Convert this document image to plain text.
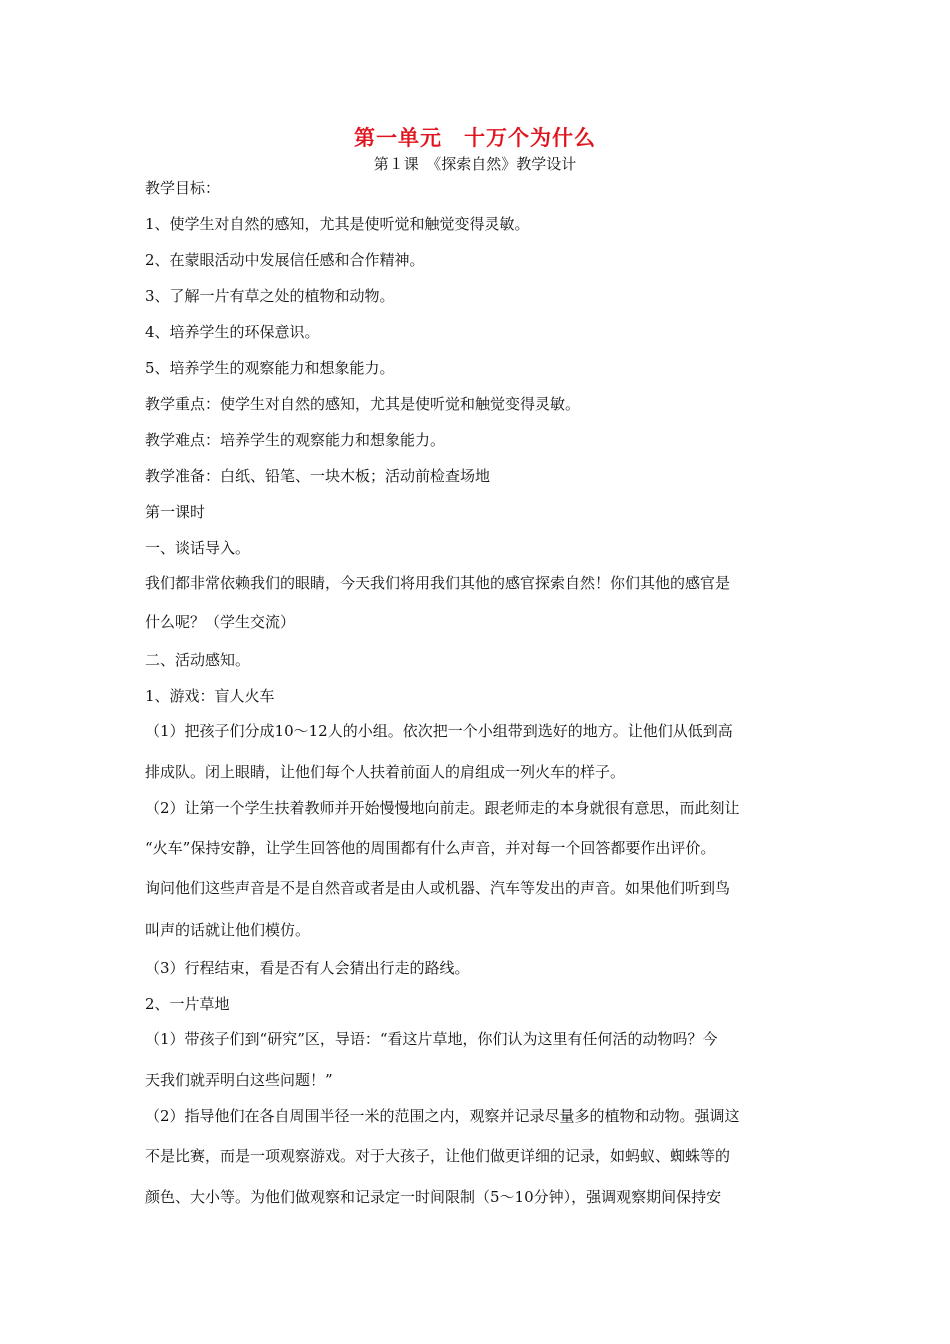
第一单元　十万个为什么
第１课　《探索自然》教学设计
教学目标：
1、使学生对自然的感知，尤其是使听觉和触觉变得灵敏。
2、在蒙眼活动中发展信任感和合作精神。
3、了解一片有草之处的植物和动物。
4、培养学生的环保意识。
5、培养学生的观察能力和想象能力。
教学重点：使学生对自然的感知，尤其是使听觉和触觉变得灵敏。
教学难点：培养学生的观察能力和想象能力。
教学准备：白纸、铅笔、一块木板；活动前检查场地
第一课时
一、谈话导入。
我们都非常依赖我们的眼睛，今天我们将用我们其他的感官探索自然！你们其他的感官是
什么呢？（学生交流）
二、活动感知。
1、游戏：盲人火车
（1）把孩子们分成10～12人的小组。依次把一个小组带到选好的地方。让他们从低到高
排成队。闭上眼睛，让他们每个人扶着前面人的肩组成一列火车的样子。
（2）让第一个学生扶着教师并开始慢慢地向前走。跟老师走的本身就很有意思，而此刻让
“火车”保持安静，让学生回答他的周围都有什么声音，并对每一个回答都要作出评价。
询问他们这些声音是不是自然音或者是由人或机器、汽车等发出的声音。如果他们听到鸟
叫声的话就让他们模仿。
（3）行程结束，看是否有人会猜出行走的路线。
2、一片草地
（1）带孩子们到“研究”区，导语：“看这片草地，你们认为这里有任何活的动物吗？今
天我们就弄明白这些问题！”
（2）指导他们在各自周围半径一米的范围之内，观察并记录尽量多的植物和动物。强调这
不是比赛，而是一项观察游戏。对于大孩子，让他们做更详细的记录，如蚂蚁、蜘蛛等的
颜色、大小等。为他们做观察和记录定一时间限制（5～10分钟），强调观察期间保持安
